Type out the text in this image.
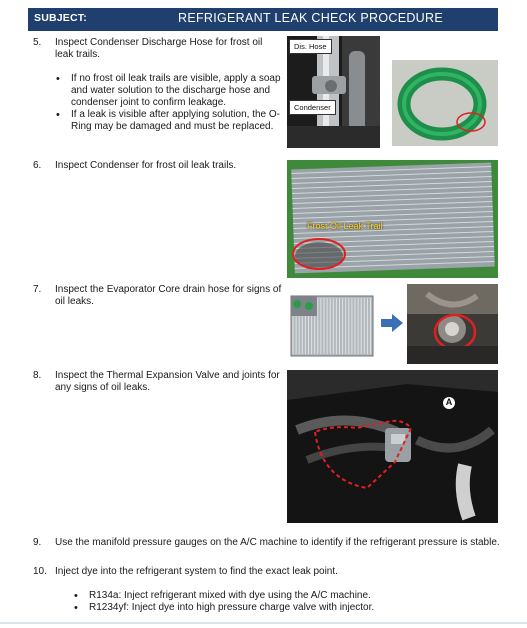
SUBJECT:	REFRIGERANT LEAK CHECK PROCEDURE
5.	Inspect Condenser Discharge Hose for frost oil leak trails.
• If no frost oil leak trails are visible, apply a soap and water solution to the discharge hose and condenser joint to confirm leakage.
• If a leak is visible after applying solution, the O-Ring may be damaged and must be replaced.
6.	Inspect Condenser for frost oil leak trails.
7.	Inspect the Evaporator Core drain hose for signs of oil leaks.
8.	Inspect the Thermal Expansion Valve and joints for any signs of oil leaks.
9.	Use the manifold pressure gauges on the A/C machine to identify if the refrigerant pressure is stable.
10. Inject dye into the refrigerant system to find the exact leak point.
• R134a: Inject refrigerant mixed with dye using the A/C machine.
• R1234yf: Inject dye into high pressure charge valve with injector.
Dis. Hose
Condenser
Frost Oil Leak Trail
A
